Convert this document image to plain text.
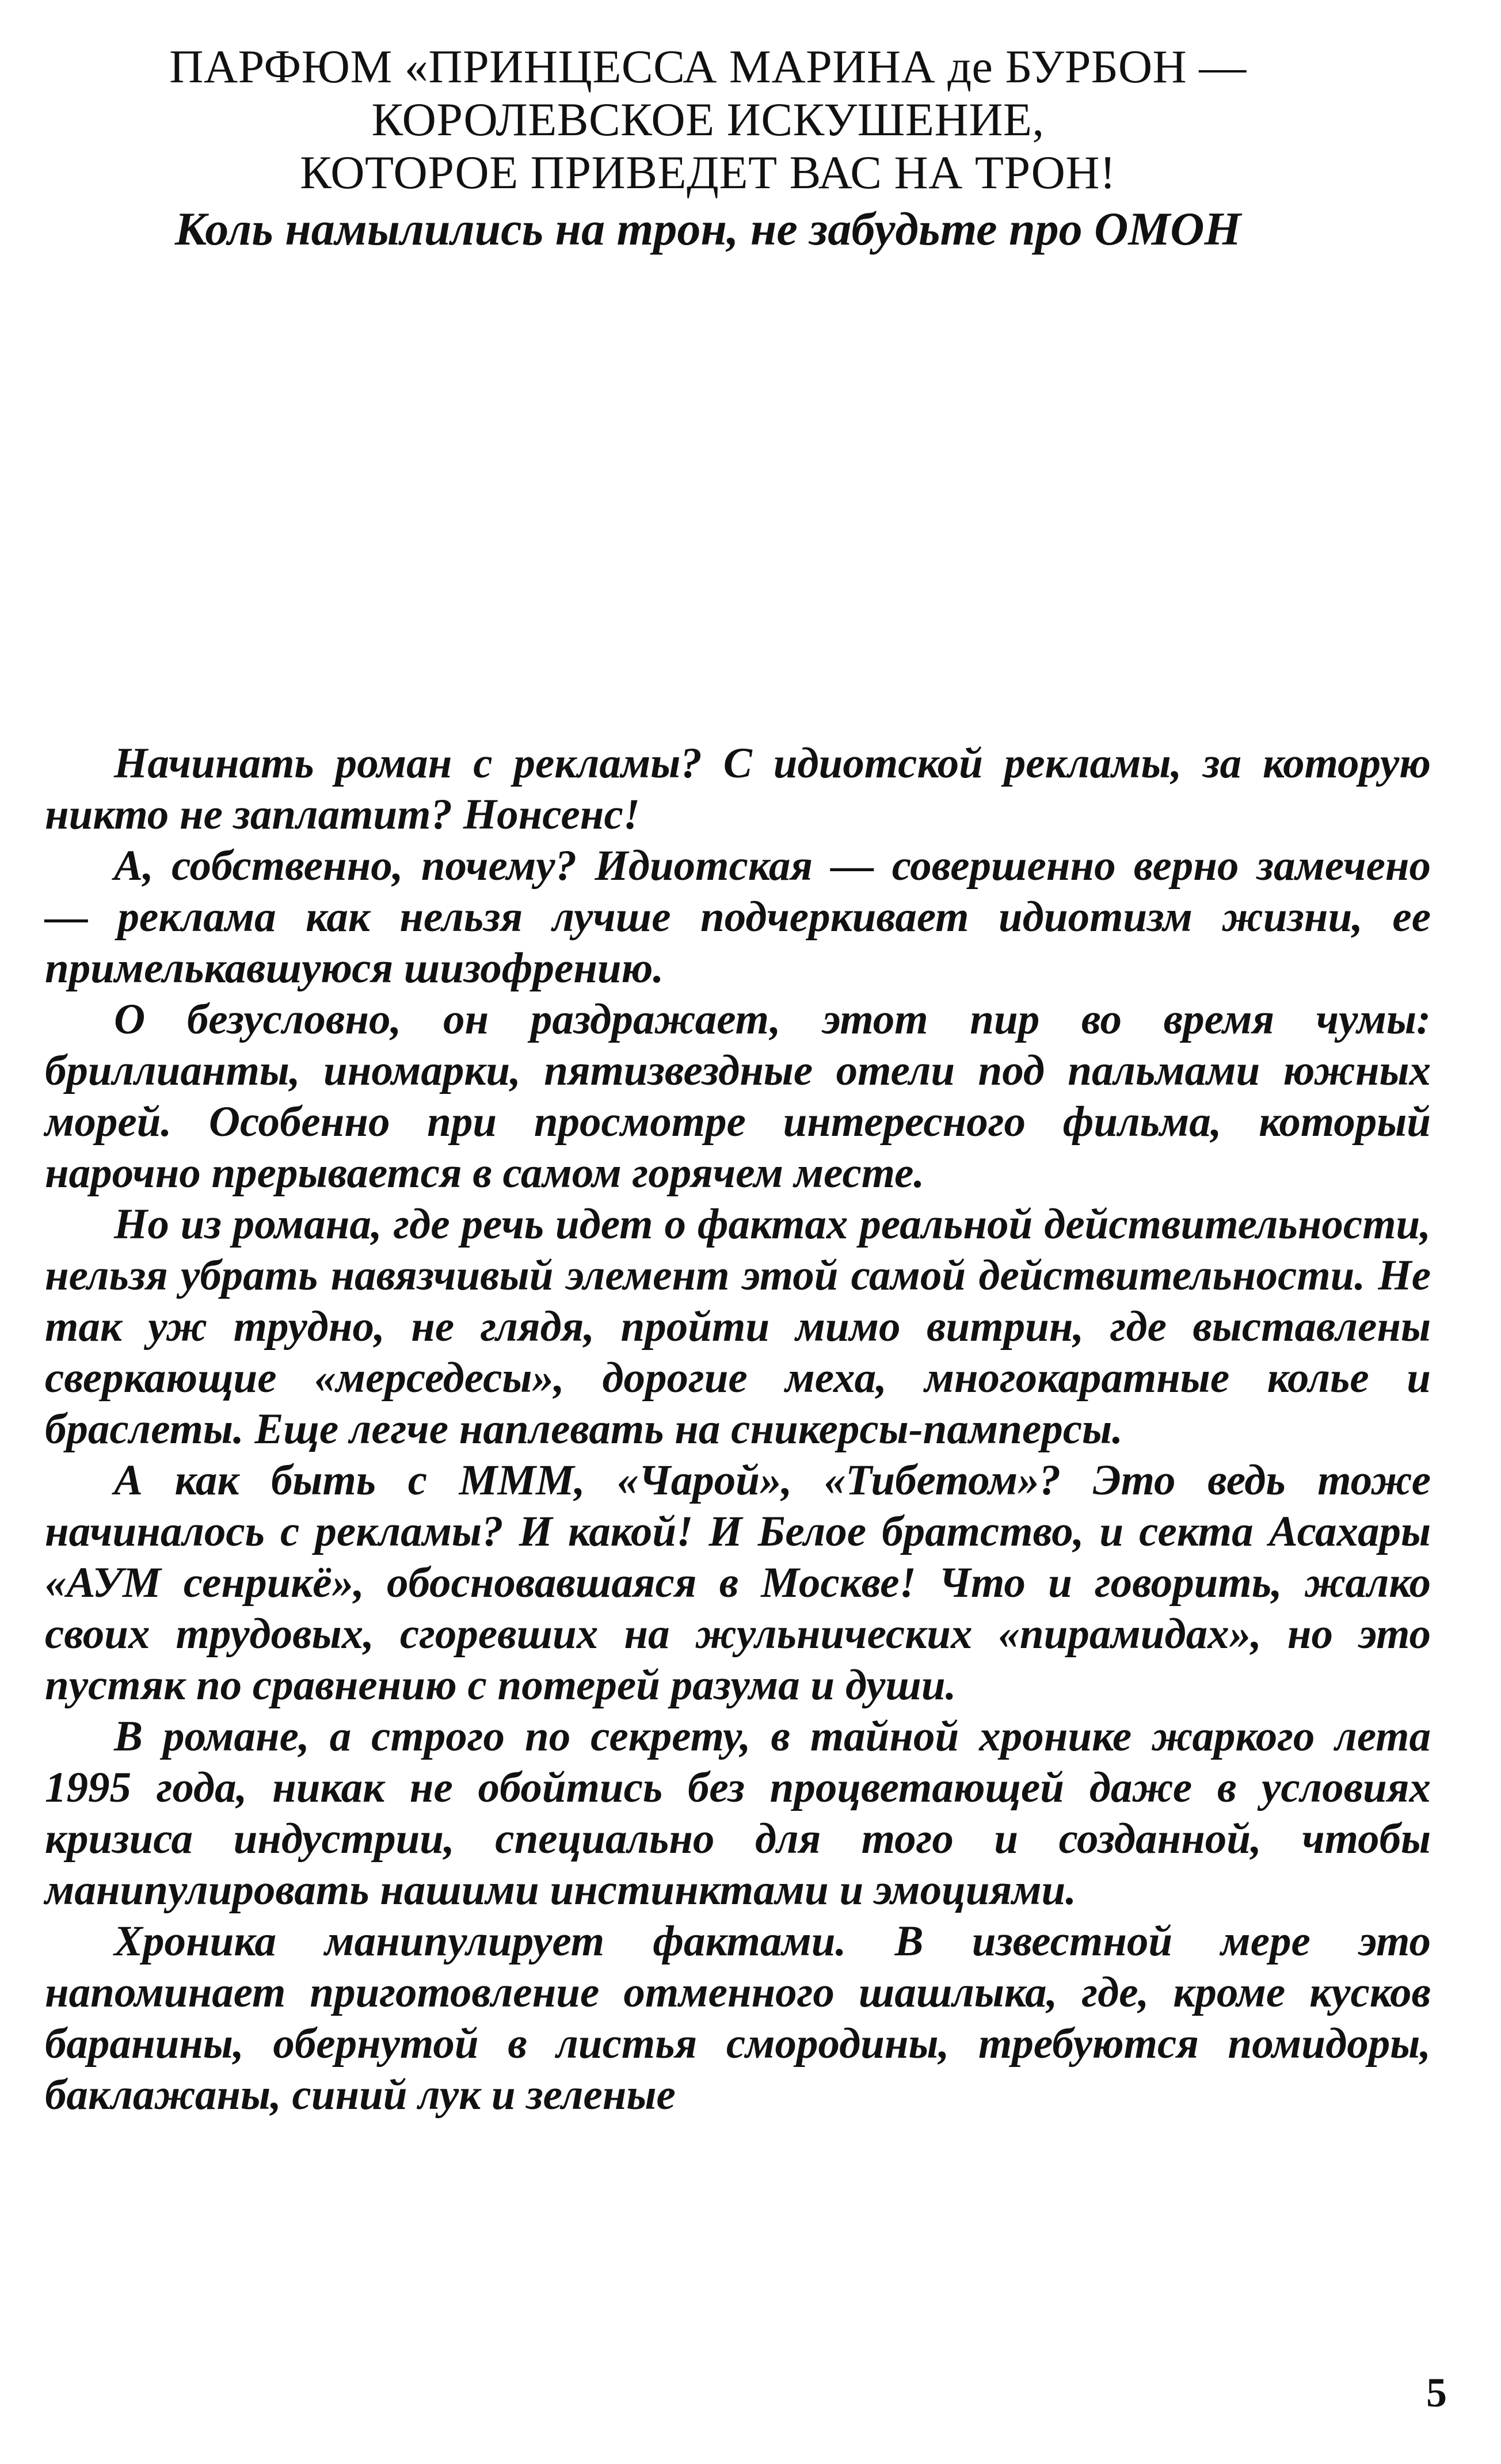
ПАРФЮМ «ПРИНЦЕССА МАРИНА де БУРБОН —
КОРОЛЕВСКОЕ ИСКУШЕНИЕ,
КОТОРОЕ ПРИВЕДЕТ ВАС НА ТРОН!
Коль намылились на трон, не забудьте про ОМОН

Начинать роман с рекламы? С идиотской рекламы, за которую никто не заплатит? Нонсенс!

А, собственно, почему? Идиотская — совершенно верно замечено — реклама как нельзя лучше подчеркивает идиотизм жизни, ее примелькавшуюся шизофрению.

О безусловно, он раздражает, этот пир во время чумы: бриллианты, иномарки, пятизвездные отели под пальмами южных морей. Особенно при просмотре интересного фильма, который нарочно прерывается в самом горячем месте.

Но из романа, где речь идет о фактах реальной действительности, нельзя убрать навязчивый элемент этой самой действительности. Не так уж трудно, не глядя, пройти мимо витрин, где выставлены сверкающие «мерседесы», дорогие меха, многокаратные колье и браслеты. Еще легче наплевать на сникерсы-памперсы.

А как быть с МММ, «Чарой», «Тибетом»? Это ведь тоже начиналось с рекламы? И какой! И Белое братство, и секта Асахары «АУМ сенрикё», обосновавшаяся в Москве! Что и говорить, жалко своих трудовых, сгоревших на жульнических «пирамидах», но это пустяк по сравнению с потерей разума и души.

В романе, а строго по секрету, в тайной хронике жаркого лета 1995 года, никак не обойтись без процветающей даже в условиях кризиса индустрии, специально для того и созданной, чтобы манипулировать нашими инстинктами и эмоциями.

Хроника манипулирует фактами. В известной мере это напоминает приготовление отменного шашлыка, где, кроме кусков баранины, обернутой в листья смородины, требуются помидоры, баклажаны, синий лук и зеленые

5
